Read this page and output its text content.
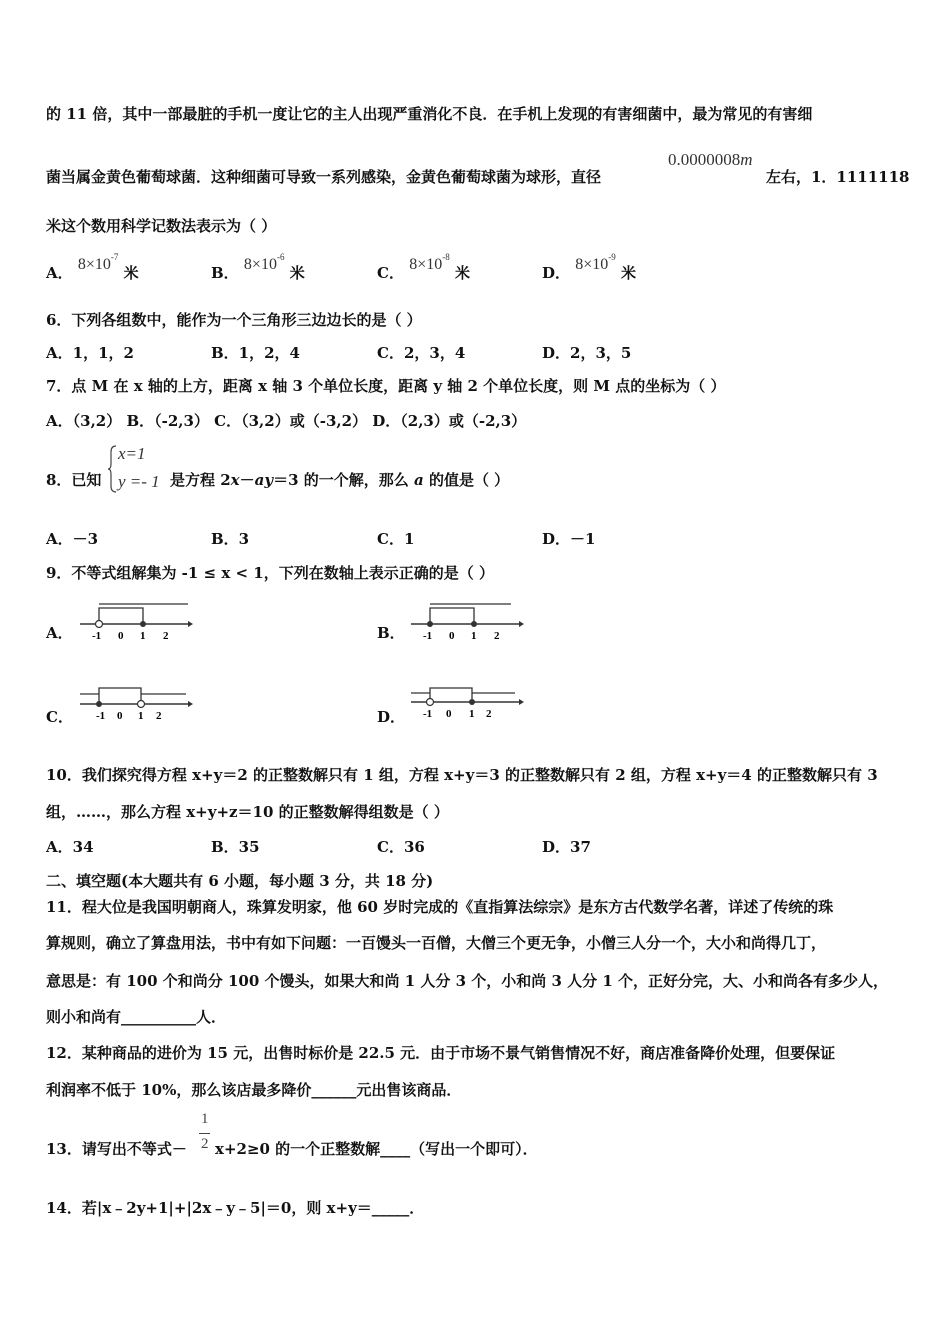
的 11 倍，其中一部最脏的手机一度让它的主人出现严重消化不良．在手机上发现的有害细菌中，最为常见的有害细
菌当属金黄色葡萄球菌．这种细菌可导致一系列感染，金黄色葡萄球菌为球形，直径
0.0000008m
左右，1．1111118
米这个数用科学记数法表示为（ ）
A． $8\times 10^{-7}$ 米	B． $8\times 10^{-6}$ 米	C． $8\times 10^{-8}$ 米	D． $8\times 10^{-9}$ 米
6．下列各组数中，能作为一个三角形三边边长的是（ ）
A．1，1，2	B．1，2，4	C．2，3，4	D．2，3，5
7．点 M 在 x 轴的上方，距离 x 轴 3 个单位长度，距离 y 轴 2 个单位长度，则 M 点的坐标为（ ）
A．（3,2） B．（-2,3） C．（3,2）或（-3,2） D．（2,3）或（-2,3）
8．已知
x=1
y =- 1 是方程 2x－ay＝3 的一个解，那么 a 的值是（ ）
A．－3	B．3	C．1	D．－1
9．不等式组解集为 -1 ≤ x < 1，下列在数轴上表示正确的是（ ）
A． -1 0 1 2	B． -1 0 1 2
C． -1 0 1 2	D． -1 0 1 2
10．我们探究得方程 x+y＝2 的正整数解只有 1 组，方程 x+y＝3 的正整数解只有 2 组，方程 x+y＝4 的正整数解只有 3
组，……，那么方程 x+y+z＝10 的正整数解得组数是（ ）
A．34	B．35	C．36	D．37
二、填空题(本大题共有 6 小题，每小题 3 分，共 18 分)
11．程大位是我国明朝商人，珠算发明家，他 60 岁时完成的《直指算法综宗》是东方古代数学名著，详述了传统的珠
算规则，确立了算盘用法，书中有如下问题：一百馒头一百僧，大僧三个更无争，小僧三人分一个，大小和尚得几丁，
意思是：有 100 个和尚分 100 个馒头，如果大和尚 1 人分 3 个，小和尚 3 人分 1 个，正好分完，大、小和尚各有多少人，
则小和尚有__________人．
12．某种商品的进价为 15 元，出售时标价是 22.5 元．由于市场不景气销售情况不好，商店准备降价处理，但要保证
利润率不低于 10%，那么该店最多降价______元出售该商品．
13．请写出不等式－
1
2 x+2≥0 的一个正整数解____（写出一个即可）．
14．若|x﹣2y+1|+|2x﹣y﹣5|＝0，则 x+y＝_____．
